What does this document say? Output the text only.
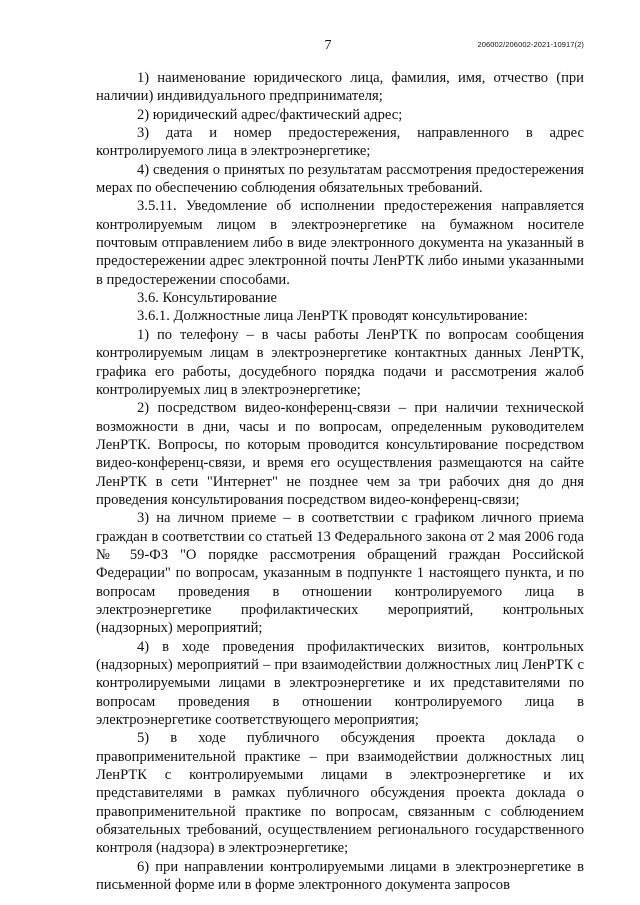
7	206002/206002-2021-10917(2)

1) наименование юридического лица, фамилия, имя, отчество (при наличии) индивидуального предпринимателя;

2) юридический адрес/фактический адрес;

3) дата и номер предостережения, направленного в адрес контролируемого лица в электроэнергетике;

4) сведения о принятых по результатам рассмотрения предостережения мерах по обеспечению соблюдения обязательных требований.

3.5.11. Уведомление об исполнении предостережения направляется контролируемым лицом в электроэнергетике на бумажном носителе почтовым отправлением либо в виде электронного документа на указанный в предостережении адрес электронной почты ЛенРТК либо иными указанными в предостережении способами.

3.6. Консультирование

3.6.1. Должностные лица ЛенРТК проводят консультирование:

1) по телефону – в часы работы ЛенРТК по вопросам сообщения контролируемым лицам в электроэнергетике контактных данных ЛенРТК, графика его работы, досудебного порядка подачи и рассмотрения жалоб контролируемых лиц в электроэнергетике;

2) посредством видео-конференц-связи – при наличии технической возможности в дни, часы и по вопросам, определенным руководителем ЛенРТК. Вопросы, по которым проводится консультирование посредством видео-конференц-связи, и время его осуществления размещаются на сайте ЛенРТК в сети "Интернет" не позднее чем за три рабочих дня до дня проведения консультирования посредством видео-конференц-связи;

3) на личном приеме – в соответствии с графиком личного приема граждан в соответствии со статьей 13 Федерального закона от 2 мая 2006 года № 59-ФЗ "О порядке рассмотрения обращений граждан Российской Федерации" по вопросам, указанным в подпункте 1 настоящего пункта, и по вопросам проведения в отношении контролируемого лица в электроэнергетике профилактических мероприятий, контрольных (надзорных) мероприятий;

4) в ходе проведения профилактических визитов, контрольных (надзорных) мероприятий – при взаимодействии должностных лиц ЛенРТК с контролируемыми лицами в электроэнергетике и их представителями по вопросам проведения в отношении контролируемого лица в электроэнергетике соответствующего мероприятия;

5) в ходе публичного обсуждения проекта доклада о правоприменительной практике – при взаимодействии должностных лиц ЛенРТК с контролируемыми лицами в электроэнергетике и их представителями в рамках публичного обсуждения проекта доклада о правоприменительной практике по вопросам, связанным с соблюдением обязательных требований, осуществлением регионального государственного контроля (надзора) в электроэнергетике;

6) при направлении контролируемыми лицами в электроэнергетике в письменной форме или в форме электронного документа запросов
